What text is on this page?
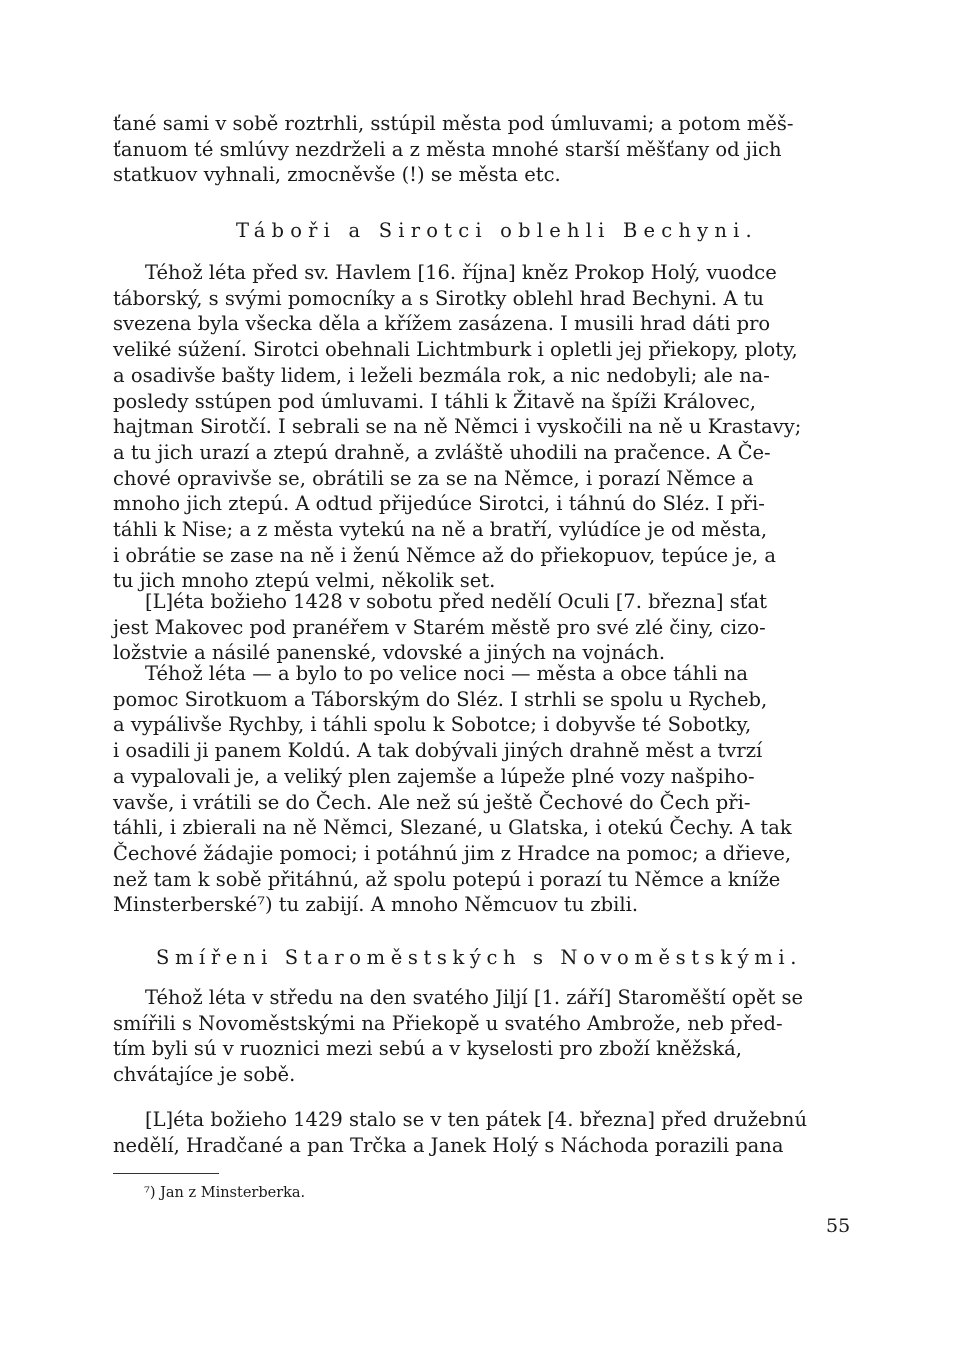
ťané sami v sobě roztrhli, sstúpil města pod úmluvami; a potom měš-
ťanuom té smlúvy nezdrželi a z města mnohé starší měšťany od jich
statkuov vyhnali, zmocněvše (!) se města etc.
Táboři a Sirotci oblehli Bechyni.
Téhož léta před sv. Havlem [16. října] kněz Prokop Holý, vuodce
táborský, s svými pomocníky a s Sirotky oblehl hrad Bechyni. A tu
svezena byla všecka děla a křížem zasázena. I musili hrad dáti pro
veliké súžení. Sirotci obehnali Lichtmburk i opletli jej přiekopy, ploty,
a osadivše bašty lidem, i leželi bezmála rok, a nic nedobyli; ale na-
posledy sstúpen pod úmluvami. I táhli k Žitavě na špíži Královec,
hajtman Sirotčí. I sebrali se na ně Němci i vyskočili na ně u Krastavy;
a tu jich urazí a ztepú drahně, a zvláště uhodili na pračence. A Če-
chové opravivše se, obrátili se za se na Němce, i porazí Němce a
mnoho jich ztepú. A odtud přijedúce Sirotci, i táhnú do Sléz. I při-
táhli k Nise; a z města vytekú na ně a bratří, vylúdíce je od města,
i obrátie se zase na ně i ženú Němce až do přiekopuov, tepúce je, a
tu jich mnoho ztepú velmi, několik set.
[L]éta božieho 1428 v sobotu před nedělí Oculi [7. března] sťat
jest Makovec pod pranéřem v Starém městě pro své zlé činy, cizo-
ložstvie a násilé panenské, vdovské a jiných na vojnách.
Téhož léta — a bylo to po velice noci — města a obce táhli na
pomoc Sirotkuom a Táborským do Sléz. I strhli se spolu u Rycheb,
a vypálivše Rychby, i táhli spolu k Sobotce; i dobyvše té Sobotky,
i osadili ji panem Koldú. A tak dobývali jiných drahně měst a tvrzí
a vypalovali je, a veliký plen zajemše a lúpeže plné vozy našpiho-
vavše, i vrátili se do Čech. Ale než sú ještě Čechové do Čech při-
táhli, i zbierali na ně Němci, Slezané, u Glatska, i otekú Čechy. A tak
Čechové žádajie pomoci; i potáhnú jim z Hradce na pomoc; a dřieve,
než tam k sobě přitáhnú, až spolu potepú i porazí tu Němce a kníže
Minsterberské⁷) tu zabijí. A mnoho Němcuov tu zbili.
Smířeni Staroměstských s Novoměstskými.
Téhož léta v středu na den svatého Jiljí [1. září] Staroměští opět se
smířili s Novoměstskými na Přiekopě u svatého Ambrože, neb před-
tím byli sú v ruoznici mezi sebú a v kyselosti pro zboží kněžská,
chvátajíce je sobě.
[L]éta božieho 1429 stalo se v ten pátek [4. března] před družebnú
nedělí, Hradčané a pan Trčka a Janek Holý s Náchoda porazili pana
⁷) Jan z Minsterberka.
55
